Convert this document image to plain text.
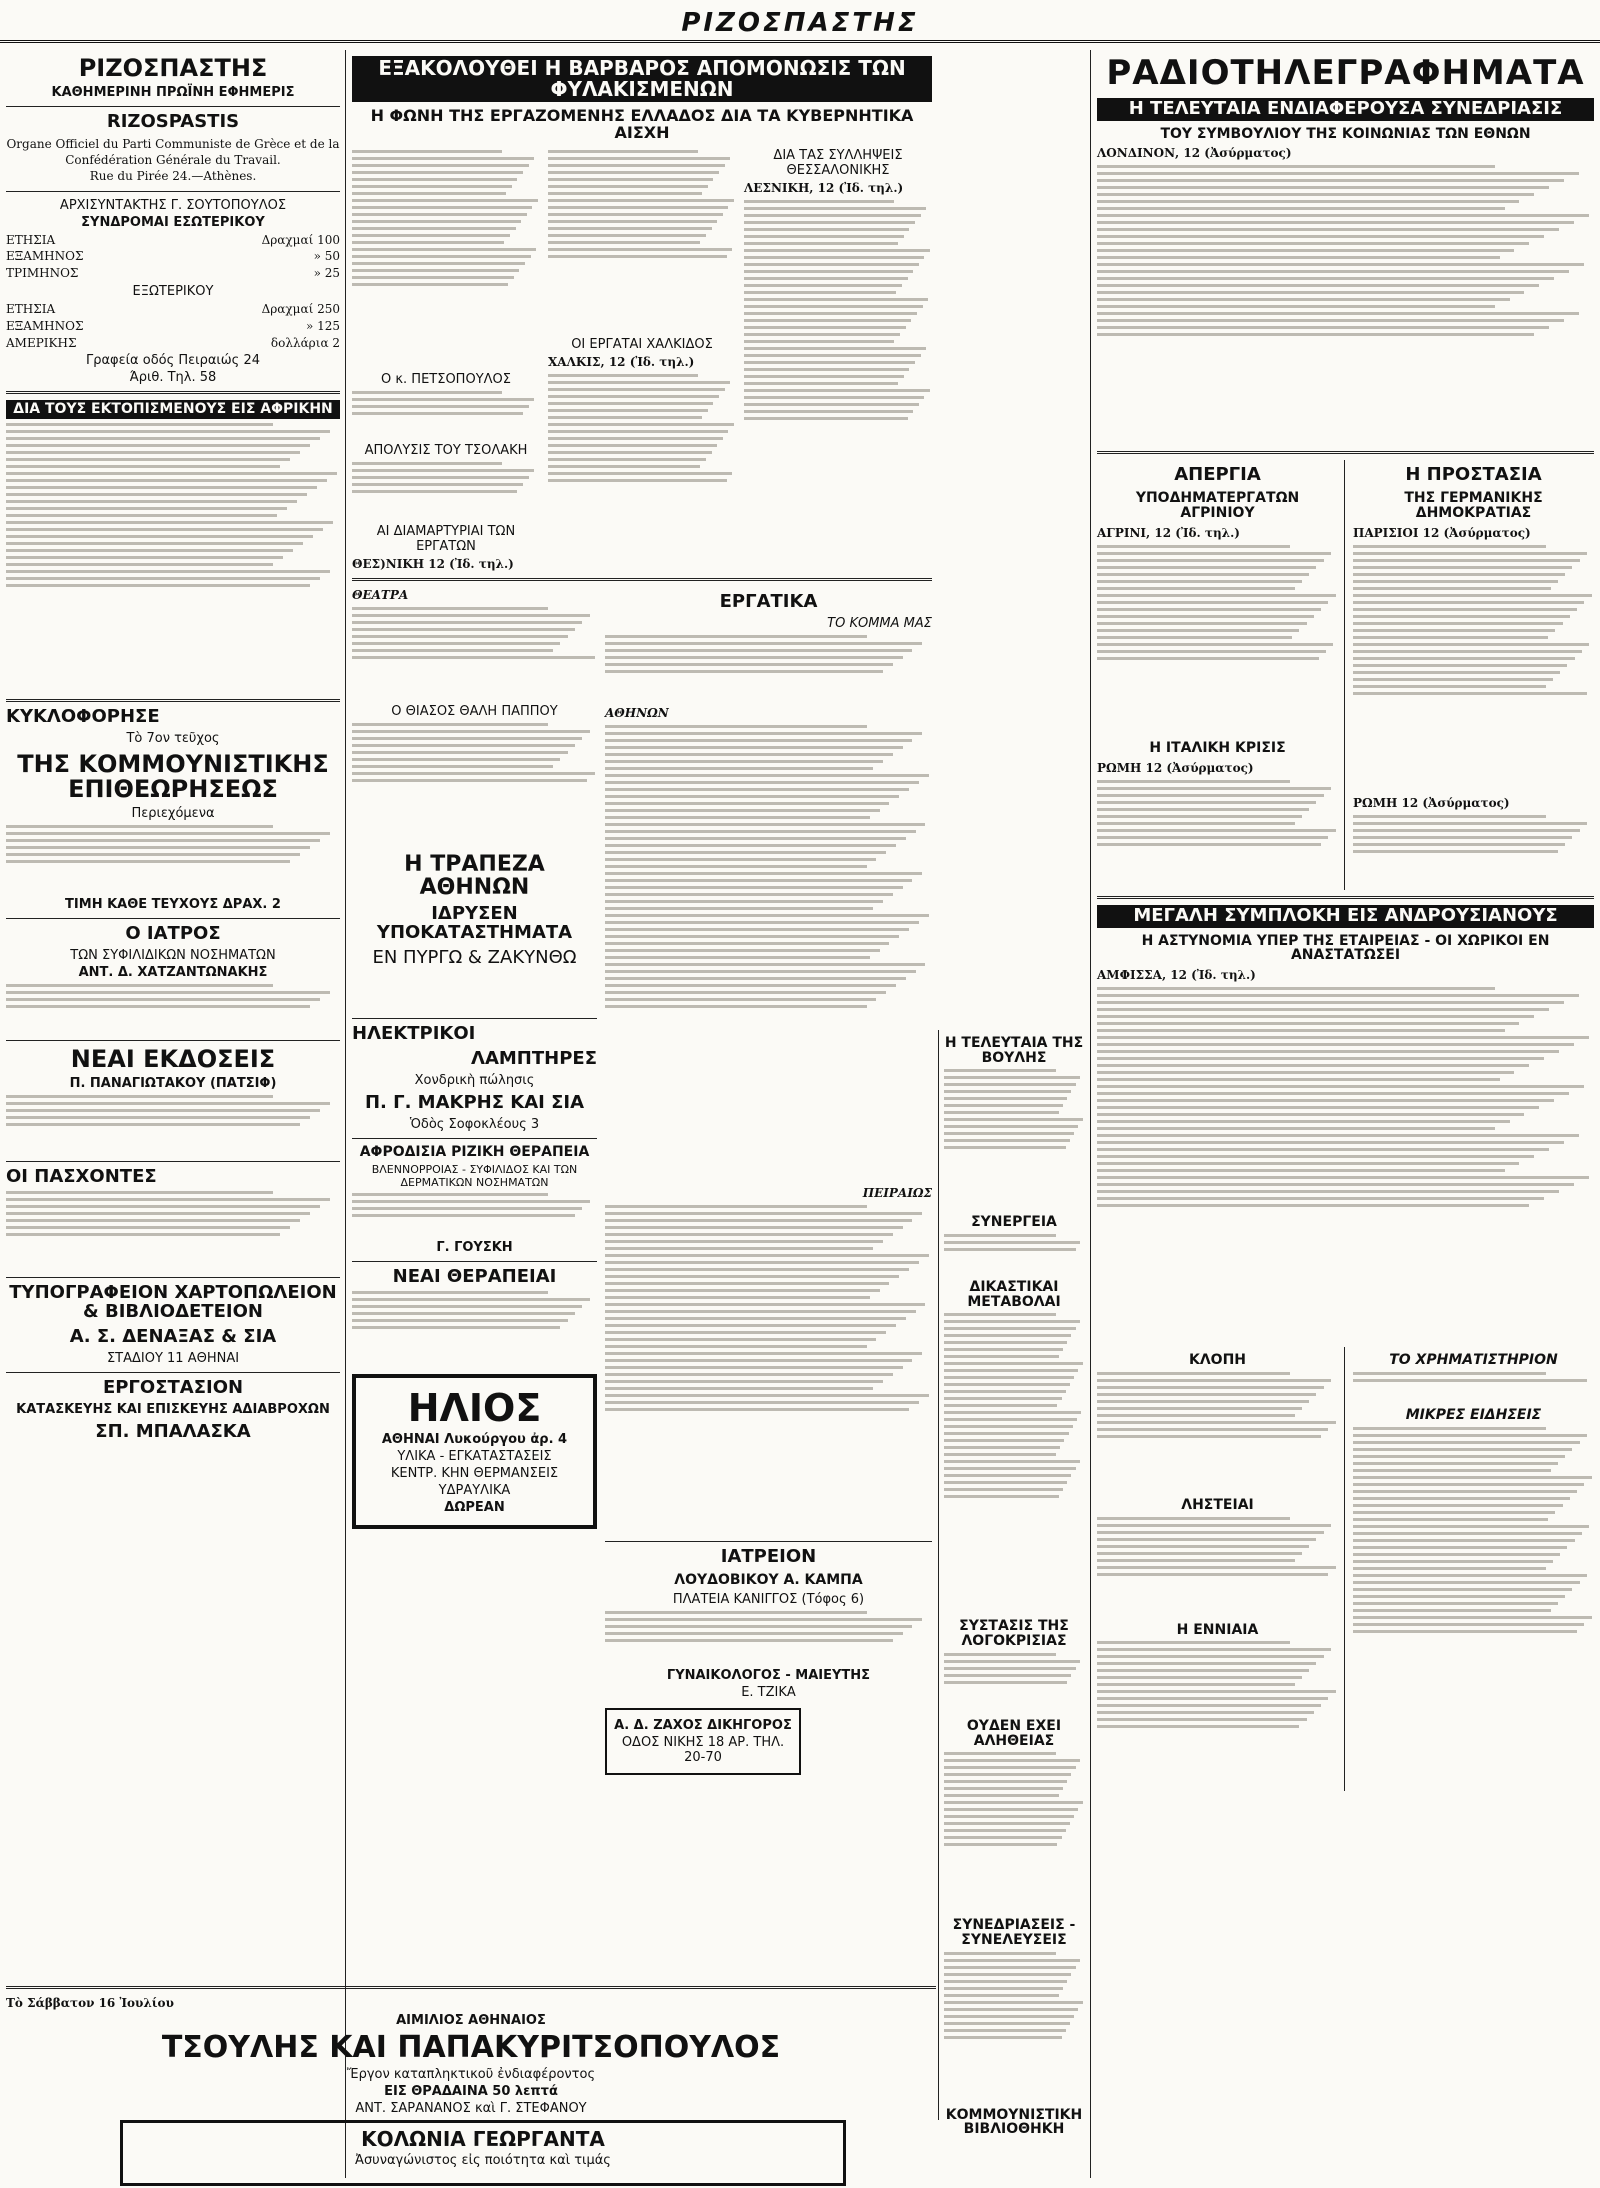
ΡΙΖΟΣΠΑΣΤΗΣ
ΡΙΖΟΣΠΑΣΤΗΣ
ΚΑΘΗΜΕΡΙΝΗ ΠΡΩΪΝΗ ΕΦΗΜΕΡΙΣ
RIZOSPASTIS
Organe Officiel du Parti Communiste de Grèce et de la Confédération Générale du Travail.
Rue du Pirée 24.—Athènes.
ΑΡΧΙΣΥΝΤΑΚΤΗΣ Γ. ΣΟΥΤΟΠΟΥΛΟΣ
ΣΥΝΔΡΟΜΑΙ ΕΣΩΤΕΡΙΚΟΥ
ΕΤΗΣΙΑ	Δραχμαί 100
ΕΞΑΜΗΝΟΣ	» 50
ΤΡΙΜΗΝΟΣ	» 25
ΕΞΩΤΕΡΙΚΟΥ
ΕΤΗΣΙΑ	Δραχμαί 250
ΕΞΑΜΗΝΟΣ	» 125
ΑΜΕΡΙΚΗΣ	δολλάρια 2
Γραφεία οδός Πειραιώς 24
Άριθ. Τηλ. 58
ΔΙΑ ΤΟΥΣ ΕΚΤΟΠΙΣΜΕΝΟΥΣ ΕΙΣ ΑΦΡΙΚΗΝ
ΚΥΚΛΟΦΟΡΗΣΕ
Τὸ 7ον τεῦχος
ΤΗΣ ΚΟΜΜΟΥΝΙΣΤΙΚΗΣ ΕΠΙΘΕΩΡΗΣΕΩΣ
Περιεχόμενα
ΤΙΜΗ ΚΑΘΕ ΤΕΥΧΟΥΣ ΔΡΑΧ. 2
Ο ΙΑΤΡΟΣ
ΤΩΝ ΣΥΦΙΛΙΔΙΚΩΝ ΝΟΣΗΜΑΤΩΝ
ΑΝΤ. Δ. ΧΑΤΖΑΝΤΩΝΑΚΗΣ
ΝΕΑΙ ΕΚΔΟΣΕΙΣ
Π. ΠΑΝΑΓΙΩΤΑΚΟΥ (ΠΑΤΣΙΦ)
ΟΙ ΠΑΣΧΟΝΤΕΣ
ΤΥΠΟΓΡΑΦΕΙΟΝ ΧΑΡΤΟΠΩΛΕΙΟΝ & ΒΙΒΛΙΟΔΕΤΕΙΟΝ
Α. Σ. ΔΕΝΑΞΑΣ & ΣΙΑ
ΣΤΑΔΙΟΥ 11 ΑΘΗΝΑΙ
ΕΡΓΟΣΤΑΣΙΟΝ
ΚΑΤΑΣΚΕΥΗΣ ΚΑΙ ΕΠΙΣΚΕΥΗΣ ΑΔΙΑΒΡΟΧΩΝ
ΣΠ. ΜΠΑΛΑΣΚΑ
Τὸ Σάββατον 16 Ἰουλίου
ΑΙΜΙΛΙΟΣ ΑΘΗΝΑΙΟΣ
ΤΣΟΥΛΗΣ ΚΑΙ ΠΑΠΑΚΥΡΙΤΣΟΠΟΥΛΟΣ
Ἔργον καταπληκτικοῦ ἐνδιαφέροντος
ΕΙΣ ΘΡΑΔΑΙΝΑ 50 λεπτά
ΑΝΤ. ΣΑΡΑΝΑΝΟΣ καὶ Γ. ΣΤΕΦΑΝΟΥ
ΚΟΛΩΝΙΑ ΓΕΩΡΓΑΝΤΑ
Ἀσυναγώνιστος εἰς ποιότητα καὶ τιμάς
ΕΞΑΚΟΛΟΥΘΕΙ Η ΒΑΡΒΑΡΟΣ ΑΠΟΜΟΝΩΣΙΣ ΤΩΝ ΦΥΛΑΚΙΣΜΕΝΩΝ
Η ΦΩΝΗ ΤΗΣ ΕΡΓΑΖΟΜΕΝΗΣ ΕΛΛΑΔΟΣ ΔΙΑ ΤΑ ΚΥΒΕΡΝΗΤΙΚΑ ΑΙΣΧΗ
Ο κ. ΠΕΤΣΟΠΟΥΛΟΣ
ΑΠΟΛΥΣΙΣ ΤΟΥ ΤΣΟΛΑΚΗ
ΑΙ ΔΙΑΜΑΡΤΥΡΙΑΙ ΤΩΝ ΕΡΓΑΤΩΝ
ΘΕΣ)ΝΙΚΗ 12 (Ἰδ. τηλ.)
ΟΙ ΕΡΓΑΤΑΙ ΧΑΛΚΙΔΟΣ
ΧΑΛΚΙΣ, 12 (Ἰδ. τηλ.)
ΔΙΑ ΤΑΣ ΣΥΛΛΗΨΕΙΣ ΘΕΣΣΑΛΟΝΙΚΗΣ
ΛΕΣΝΙΚΗ, 12 (Ἰδ. τηλ.)
ΘΕΑΤΡΑ
Ο ΘΙΑΣΟΣ ΘΑΛΗ ΠΑΠΠΟΥ
Η ΤΡΑΠΕΖΑ ΑΘΗΝΩΝ
ΙΔΡΥΣΕΝ ΥΠΟΚΑΤΑΣΤΗΜΑΤΑ
ΕΝ ΠΥΡΓΩ & ΖΑΚΥΝΘΩ
ΗΛΕΚΤΡΙΚΟΙ
ΛΑΜΠΤΗΡΕΣ
Χονδρικὴ πώλησις
Π. Γ. ΜΑΚΡΗΣ ΚΑΙ ΣΙΑ
Ὁδὸς Σοφοκλέους 3
ΑΦΡΟΔΙΣΙΑ ΡΙΖΙΚΗ ΘΕΡΑΠΕΙΑ
ΒΛΕΝΝΟΡΡΟΙΑΣ - ΣΥΦΙΛΙΔΟΣ ΚΑΙ ΤΩΝ ΔΕΡΜΑΤΙΚΩΝ ΝΟΣΗΜΑΤΩΝ
Γ. ΓΟΥΣΚΗ
ΝΕΑΙ ΘΕΡΑΠΕΙΑΙ
ΗΛΙΟΣ
ΑΘΗΝΑΙ Λυκούργου ἀρ. 4
ΥΛΙΚΑ - ΕΓΚΑΤΑΣΤΑΣΕΙΣ
ΚΕΝΤΡ. ΚΗΝ ΘΕΡΜΑΝΣΕΙΣ
ΥΔΡΑΥΛΙΚΑ
ΔΩΡΕΑΝ
ΕΡΓΑΤΙΚΑ
ΤΟ ΚΟΜΜΑ ΜΑΣ
ΑΘΗΝΩΝ
ΠΕΙΡΑΙΩΣ
ΙΑΤΡΕΙΟΝ
ΛΟΥΔΟΒΙΚΟΥ Α. ΚΑΜΠΑ
ΠΛΑΤΕΙΑ ΚΑΝΙΓΓΟΣ (Τόφος 6)
ΓΥΝΑΙΚΟΛΟΓΟΣ - ΜΑΙΕΥΤΗΣ
Ε. ΤΖΙΚΑ
Α. Δ. ΖΑΧΟΣ ΔΙΚΗΓΟΡΟΣ
ΟΔΟΣ ΝΙΚΗΣ 18 ΑΡ. ΤΗΛ. 20-70
Η ΤΕΛΕΥΤΑΙΑ ΤΗΣ ΒΟΥΛΗΣ
ΣΥΝΕΡΓΕΙΑ
ΔΙΚΑΣΤΙΚΑΙ ΜΕΤΑΒΟΛΑΙ
ΣΥΣΤΑΣΙΣ ΤΗΣ ΛΟΓΟΚΡΙΣΙΑΣ
ΟΥΔΕΝ ΕΧΕΙ ΑΛΗΘΕΙΑΣ
ΣΥΝΕΔΡΙΑΣΕΙΣ - ΣΥΝΕΛΕΥΣΕΙΣ
ΚΟΜΜΟΥΝΙΣΤΙΚΗ ΒΙΒΛΙΟΘΗΚΗ
ΡΑΔΙΟΤΗΛΕΓΡΑΦΗΜΑΤΑ
Η ΤΕΛΕΥΤΑΙΑ ΕΝΔΙΑΦΕΡΟΥΣΑ ΣΥΝΕΔΡΙΑΣΙΣ
ΤΟΥ ΣΥΜΒΟΥΛΙΟΥ ΤΗΣ ΚΟΙΝΩΝΙΑΣ ΤΩΝ ΕΘΝΩΝ
ΛΟΝΔΙΝΟΝ, 12 (Ἀσύρματος)
ΑΠΕΡΓΙΑ
ΥΠΟΔΗΜΑΤΕΡΓΑΤΩΝ ΑΓΡΙΝΙΟΥ
ΑΓΡΙΝΙ, 12 (Ἰδ. τηλ.)
Η ΙΤΑΛΙΚΗ ΚΡΙΣΙΣ
ΡΩΜΗ 12 (Ἀσύρματος)
Η ΠΡΟΣΤΑΣΙΑ
ΤΗΣ ΓΕΡΜΑΝΙΚΗΣ ΔΗΜΟΚΡΑΤΙΑΣ
ΠΑΡΙΣΙΟΙ 12 (Ἀσύρματος)
ΡΩΜΗ 12 (Ἀσύρματος)
ΜΕΓΑΛΗ ΣΥΜΠΛΟΚΗ ΕΙΣ ΑΝΔΡΟΥΣΙΑΝΟΥΣ
Η ΑΣΤΥΝΟΜΙΑ ΥΠΕΡ ΤΗΣ ΕΤΑΙΡΕΙΑΣ - ΟΙ ΧΩΡΙΚΟΙ ΕΝ ΑΝΑΣΤΑΤΩΣΕΙ
ΑΜΦΙΣΣΑ, 12 (Ἰδ. τηλ.)
ΚΛΟΠΗ
ΛΗΣΤΕΙΑΙ
Η ΕΝΝΙΑΙΑ
ΤΟ ΧΡΗΜΑΤΙΣΤΗΡΙΟΝ
ΜΙΚΡΕΣ ΕΙΔΗΣΕΙΣ
